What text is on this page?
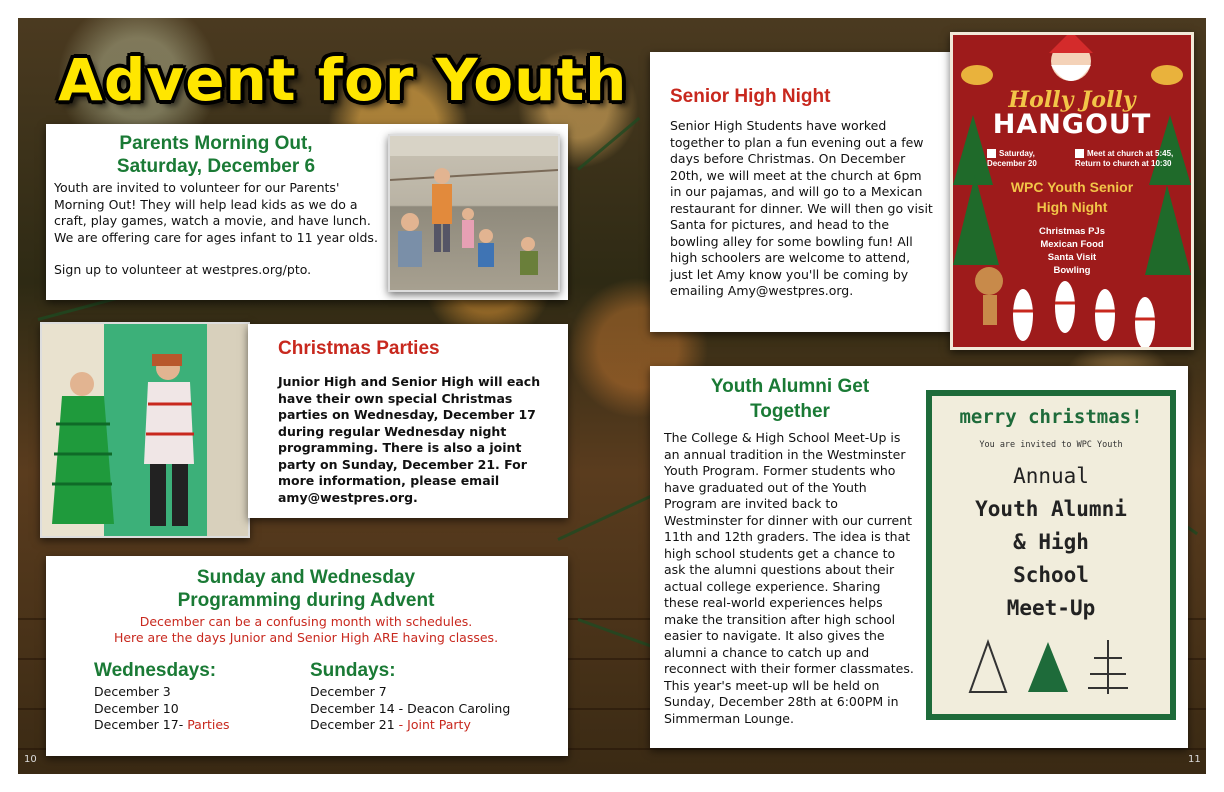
Advent for Youth
Parents Morning Out,
Saturday, December 6

Youth are invited to volunteer for our Parents' Morning Out! They will help lead kids as we do a craft, play games, watch a movie, and have lunch. We are offering care for ages infant to 11 year olds.

Sign up to volunteer at westpres.org/pto.

Christmas Parties

Junior High and Senior High will each have their own special Christmas parties on Wednesday, December 17 during regular Wednesday night programming. There is also a joint party on Sunday, December 21. For more information, please email amy@westpres.org.

Sunday and Wednesday
Programming during Advent
December can be a confusing month with schedules.
Here are the days Junior and Senior High ARE having classes.
Wednesdays:
December 3
December 10
December 17- Parties
Sundays:
December 7
December 14 - Deacon Caroling
December 21 - Joint Party
Senior High Night

Senior High Students have worked together to plan a fun evening out a few days before Christmas. On December 20th, we will meet at the church at 6pm in our pajamas, and will go to a Mexican restaurant for dinner. We will then go visit Santa for pictures, and head to the bowling alley for some bowling fun! All high schoolers are welcome to attend, just let Amy know you'll be coming by emailing Amy@westpres.org.

Holly Jolly
HANGOUT
Saturday, December 20
Meet at church at 5:45, Return to church at 10:30
WPC Youth Senior
High Night
Christmas PJs
Mexican Food
Santa Visit
Bowling
Youth Alumni Get
Together

The College & High School Meet-Up is an annual tradition in the Westminster Youth Program. Former students who have graduated out of the Youth Program are invited back to Westminster for dinner with our current 11th and 12th graders. The idea is that high school students get a chance to ask the alumni questions about their actual college experience. Sharing these real-world experiences helps make the transition after high school easier to navigate. It also gives the alumni a chance to catch up and reconnect with their former classmates. This year's meet-up wll be held on Sunday, December 28th at 6:00PM in Simmerman Lounge.

merry christmas!
You are invited to WPC Youth
Annual
Youth Alumni
& High
School
Meet-Up
10	11
